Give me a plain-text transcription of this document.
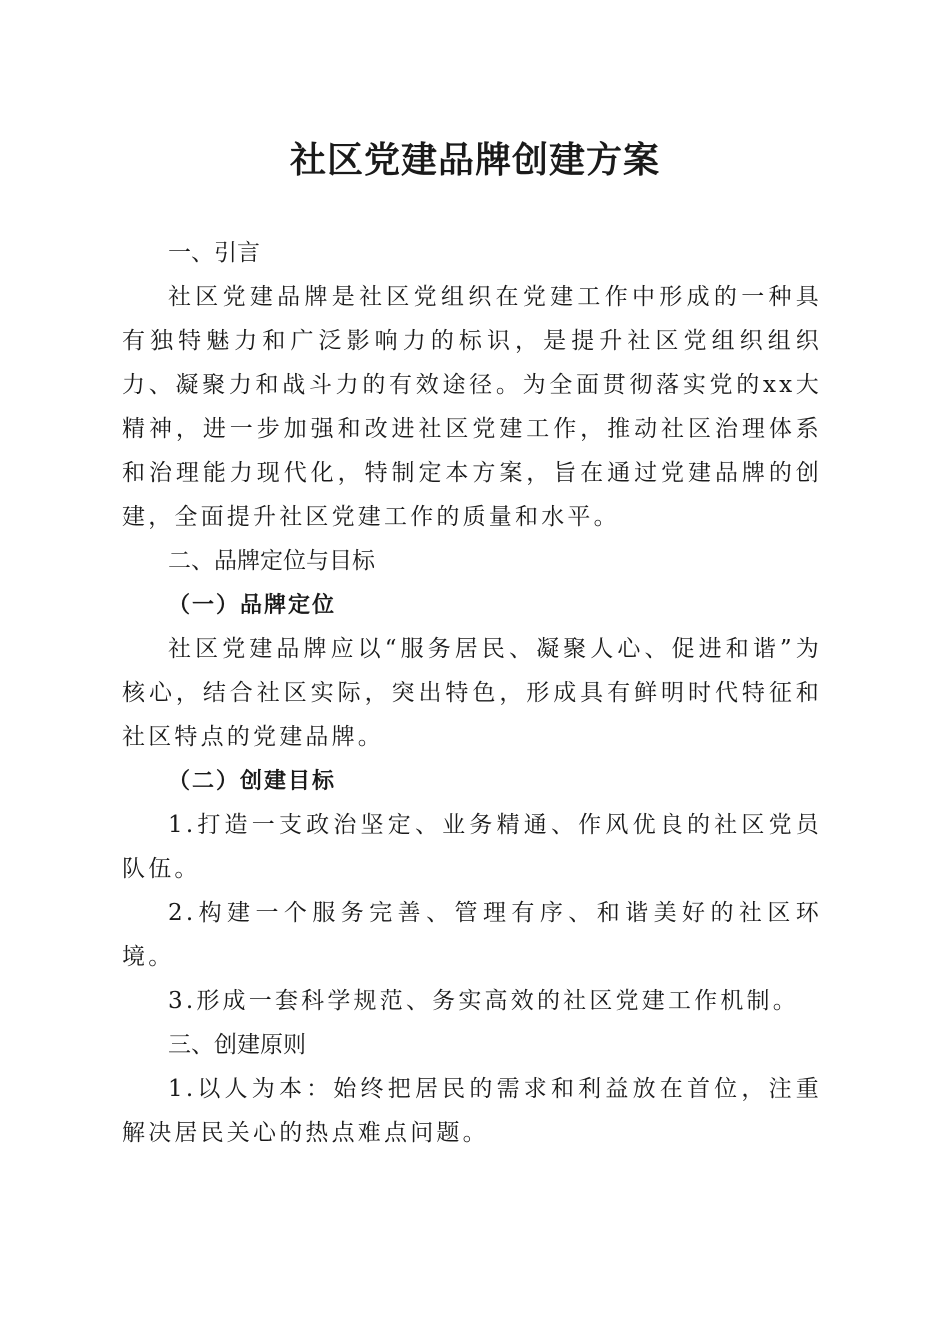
社区党建品牌创建方案
一、引言

社区党建品牌是社区党组织在党建工作中形成的一种具有独特魅力和广泛影响力的标识，是提升社区党组织组织力、凝聚力和战斗力的有效途径。为全面贯彻落实党的xx大精神，进一步加强和改进社区党建工作，推动社区治理体系和治理能力现代化，特制定本方案，旨在通过党建品牌的创建，全面提升社区党建工作的质量和水平。

二、品牌定位与目标
（一）品牌定位

社区党建品牌应以“服务居民、凝聚人心、促进和谐”为核心，结合社区实际，突出特色，形成具有鲜明时代特征和社区特点的党建品牌。

（二）创建目标

1.打造一支政治坚定、业务精通、作风优良的社区党员队伍。

2.构建一个服务完善、管理有序、和谐美好的社区环境。

3.形成一套科学规范、务实高效的社区党建工作机制。

三、创建原则

1.以人为本：始终把居民的需求和利益放在首位，注重解决居民关心的热点难点问题。
